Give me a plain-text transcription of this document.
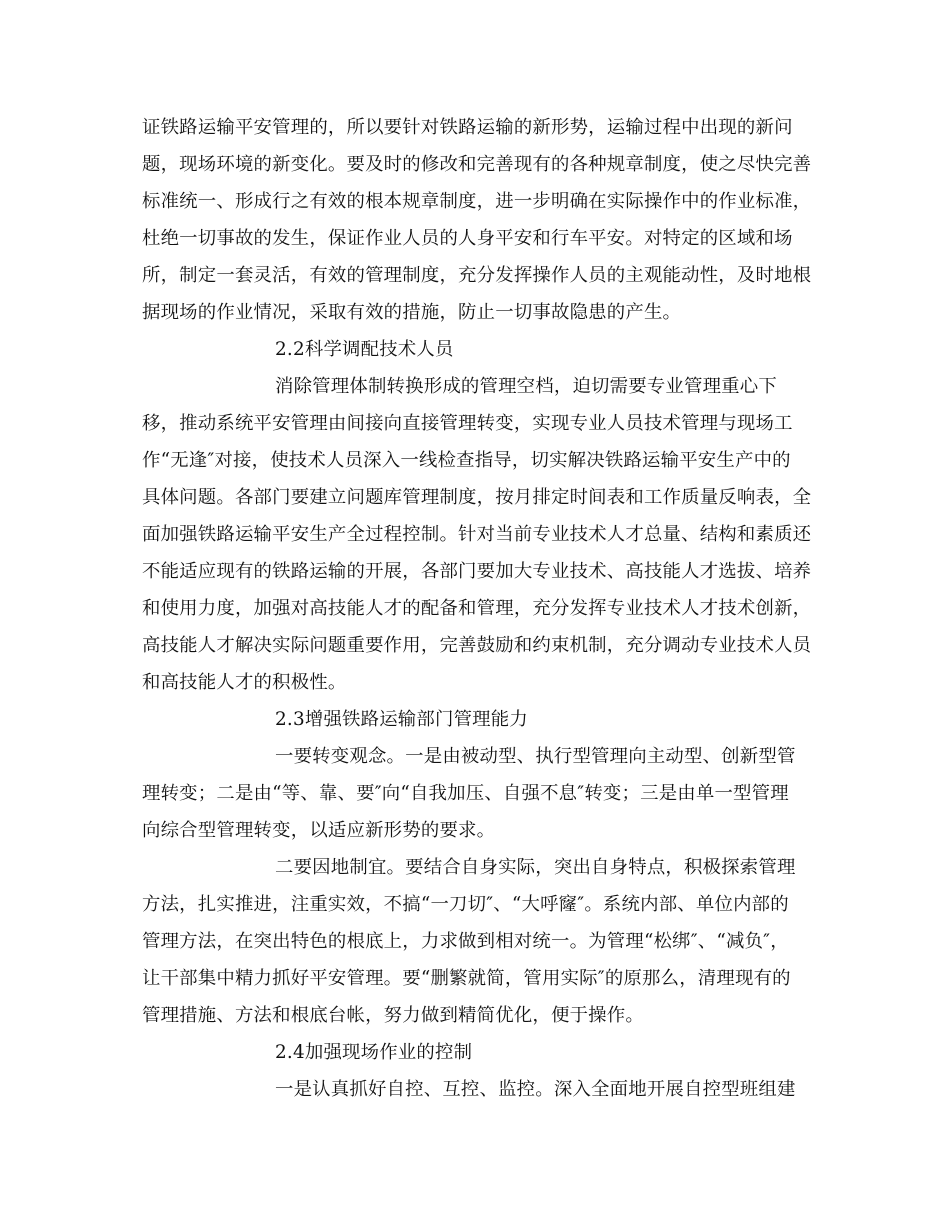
证铁路运输平安管理的，所以要针对铁路运输的新形势，运输过程中出现的新问
题，现场环境的新变化。要及时的修改和完善现有的各种规章制度，使之尽快完善
标准统一、形成行之有效的根本规章制度，进一步明确在实际操作中的作业标准，
杜绝一切事故的发生，保证作业人员的人身平安和行车平安。对特定的区域和场
所，制定一套灵活，有效的管理制度，充分发挥操作人员的主观能动性，及时地根
据现场的作业情况，采取有效的措施，防止一切事故隐患的产生。
2.2科学调配技术人员
消除管理体制转换形成的管理空档，迫切需要专业管理重心下
移，推动系统平安管理由间接向直接管理转变，实现专业人员技术管理与现场工
作“无逢″对接，使技术人员深入一线检查指导，切实解决铁路运输平安生产中的
具体问题。各部门要建立问题库管理制度，按月排定时间表和工作质量反响表，全
面加强铁路运输平安生产全过程控制。针对当前专业技术人才总量、结构和素质还
不能适应现有的铁路运输的开展，各部门要加大专业技术、高技能人才选拔、培养
和使用力度，加强对高技能人才的配备和管理，充分发挥专业技术人才技术创新，
高技能人才解决实际问题重要作用，完善鼓励和约束机制，充分调动专业技术人员
和高技能人才的积极性。
2.3增强铁路运输部门管理能力
一要转变观念。一是由被动型、执行型管理向主动型、创新型管
理转变；二是由“等、靠、要″向“自我加压、自强不息″转变；三是由单一型管理
向综合型管理转变，以适应新形势的要求。
二要因地制宜。要结合自身实际，突出自身特点，积极探索管理
方法，扎实推进，注重实效，不搞“一刀切″、“大呼窿″。系统内部、单位内部的
管理方法，在突出特色的根底上，力求做到相对统一。为管理“松绑″、“减负″，
让干部集中精力抓好平安管理。要“删繁就简，管用实际″的原那么，清理现有的
管理措施、方法和根底台帐，努力做到精简优化，便于操作。
2.4加强现场作业的控制
一是认真抓好自控、互控、监控。深入全面地开展自控型班组建
